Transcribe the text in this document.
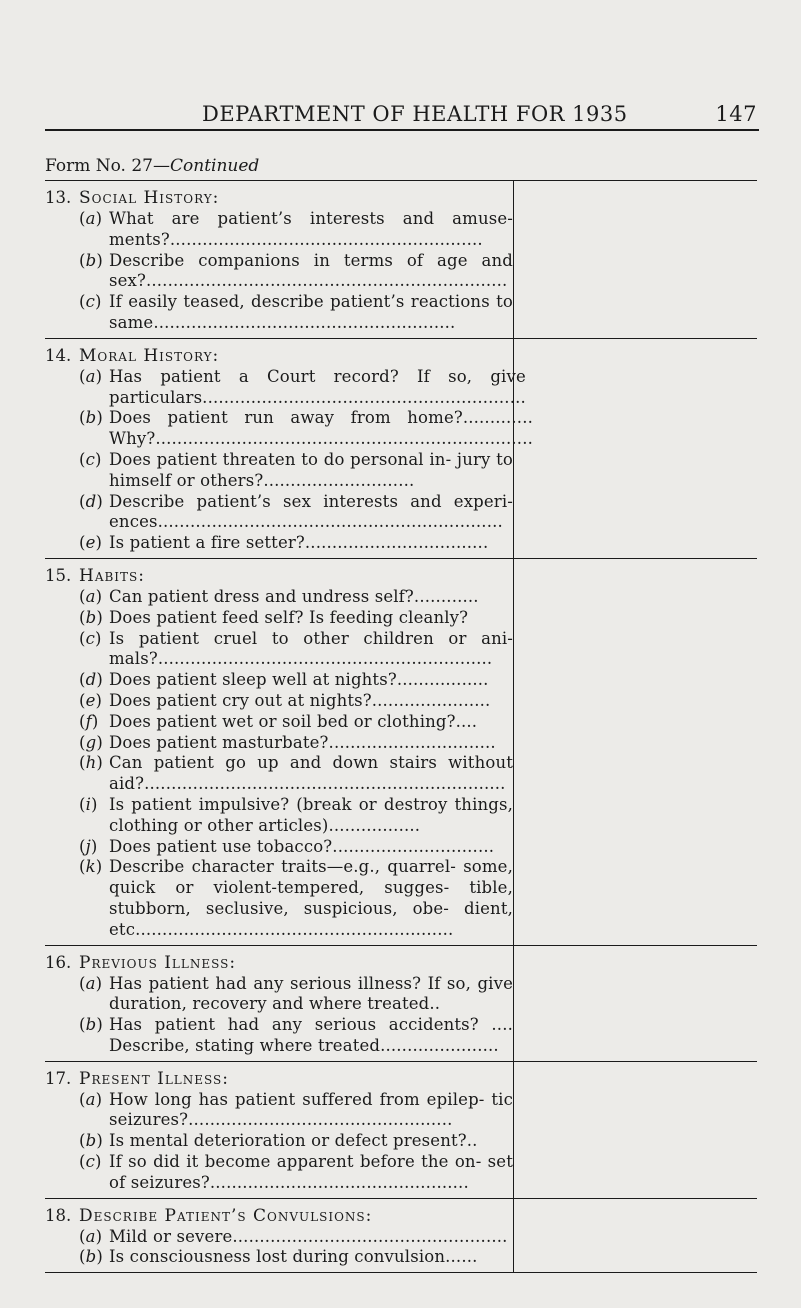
DEPARTMENT OF HEALTH FOR 1935	147
Form No. 27—Continued
13. Social History:
(a) What are patient’s interests and amuse- ments?..........................................................
(b) Describe companions in terms of age and sex?...................................................................
(c) If easily teased, describe patient’s reactions to same........................................................
14. Moral History:
(a) Has patient a Court record? If so, give particulars............................................................
(b) Does patient run away from home?............. Why?......................................................................
(c) Does patient threaten to do personal in- jury to himself or others?............................
(d) Describe patient’s sex interests and experi- ences................................................................
(e) Is patient a fire setter?..................................
15. Habits:
(a) Can patient dress and undress self?............
(b) Does patient feed self? Is feeding cleanly?
(c) Is patient cruel to other children or ani- mals?..............................................................
(d) Does patient sleep well at nights?.................
(e) Does patient cry out at nights?......................
(f) Does patient wet or soil bed or clothing?....
(g) Does patient masturbate?...............................
(h) Can patient go up and down stairs without aid?...................................................................
(i) Is patient impulsive? (break or destroy things, clothing or other articles).................
(j) Does patient use tobacco?..............................
(k) Describe character traits—e.g., quarrel- some, quick or violent-tempered, sugges- tible, stubborn, seclusive, suspicious, obe- dient, etc...........................................................
16. Previous Illness:
(a) Has patient had any serious illness? If so, give duration, recovery and where treated..
(b) Has patient had any serious accidents? .... Describe, stating where treated......................
17. Present Illness:
(a) How long has patient suffered from epilep- tic seizures?.................................................
(b) Is mental deterioration or defect present?..
(c) If so did it become apparent before the on- set of seizures?................................................
18. Describe Patient’s Convulsions:
(a) Mild or severe...................................................
(b) Is consciousness lost during convulsion......
